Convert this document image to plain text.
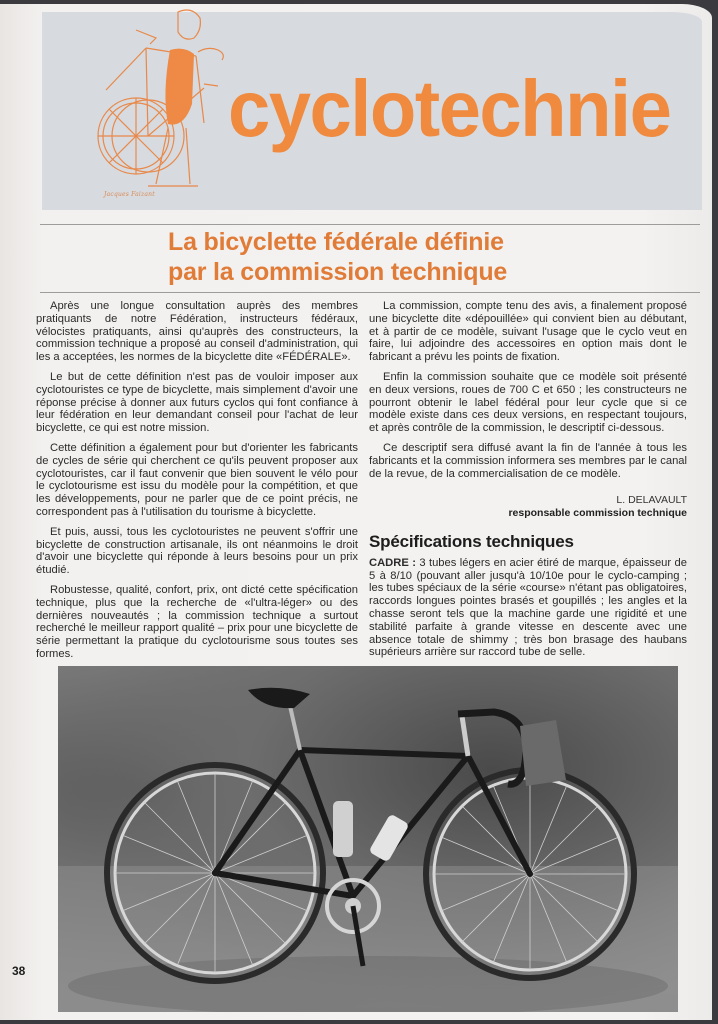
Jacques Faizant
cyclotechnie
La bicyclette fédérale définie
par la commission technique

Après une longue consultation auprès des membres pratiquants de notre Fédération, instructeurs fédéraux, vélocistes pratiquants, ainsi qu'auprès des constructeurs, la commission technique a proposé au conseil d'administration, qui les a acceptées, les normes de la bicyclette dite «FÉDÉRALE».

Le but de cette définition n'est pas de vouloir imposer aux cyclotouristes ce type de bicyclette, mais simplement d'avoir une réponse précise à donner aux futurs cyclos qui font confiance à leur fédération en leur demandant conseil pour l'achat de leur bicyclette, ce qui est notre mission.

Cette définition a également pour but d'orienter les fabricants de cycles de série qui cherchent ce qu'ils peuvent proposer aux cyclotouristes, car il faut convenir que bien souvent le vélo pour le cyclotourisme est issu du modèle pour la compétition, et que les développements, pour ne parler que de ce point précis, ne correspondent pas à l'utilisation du tourisme à bicyclette.

Et puis, aussi, tous les cyclotouristes ne peuvent s'offrir une bicyclette de construction artisanale, ils ont néanmoins le droit d'avoir une bicyclette qui réponde à leurs besoins pour un prix étudié.

Robustesse, qualité, confort, prix, ont dicté cette spécification technique, plus que la recherche de «l'ultra-léger» ou des dernières nouveautés ; la commission technique a surtout recherché le meilleur rapport qualité – prix pour une bicyclette de série permettant la pratique du cyclotourisme sous toutes ses formes.

La commission, compte tenu des avis, a finalement proposé une bicyclette dite «dépouillée» qui convient bien au débutant, et à partir de ce modèle, suivant l'usage que le cyclo veut en faire, lui adjoindre des accessoires en option mais dont le fabricant a prévu les points de fixation.

Enfin la commission souhaite que ce modèle soit présenté en deux versions, roues de 700 C et 650 ; les constructeurs ne pourront obtenir le label fédéral pour leur cycle que si ce modèle existe dans ces deux versions, en respectant toujours, et après contrôle de la commission, le descriptif ci-dessous.

Ce descriptif sera diffusé avant la fin de l'année à tous les fabricants et la commission informera ses membres par le canal de la revue, de la commercialisation de ce modèle.

L. DELAVAULT
responsable commission technique
Spécifications techniques

CADRE : 3 tubes légers en acier étiré de marque, épaisseur de 5 à 8/10 (pouvant aller jusqu'à 10/10e pour le cyclo-camping ; les tubes spéciaux de la série «course» n'étant pas obligatoires, raccords longues pointes brasés et goupillés ; les angles et la chasse seront tels que la machine garde une rigidité et une stabilité parfaite à grande vitesse en descente avec une absence totale de shimmy ; très bon brasage des haubans supérieurs arrière sur raccord tube de selle.

38
